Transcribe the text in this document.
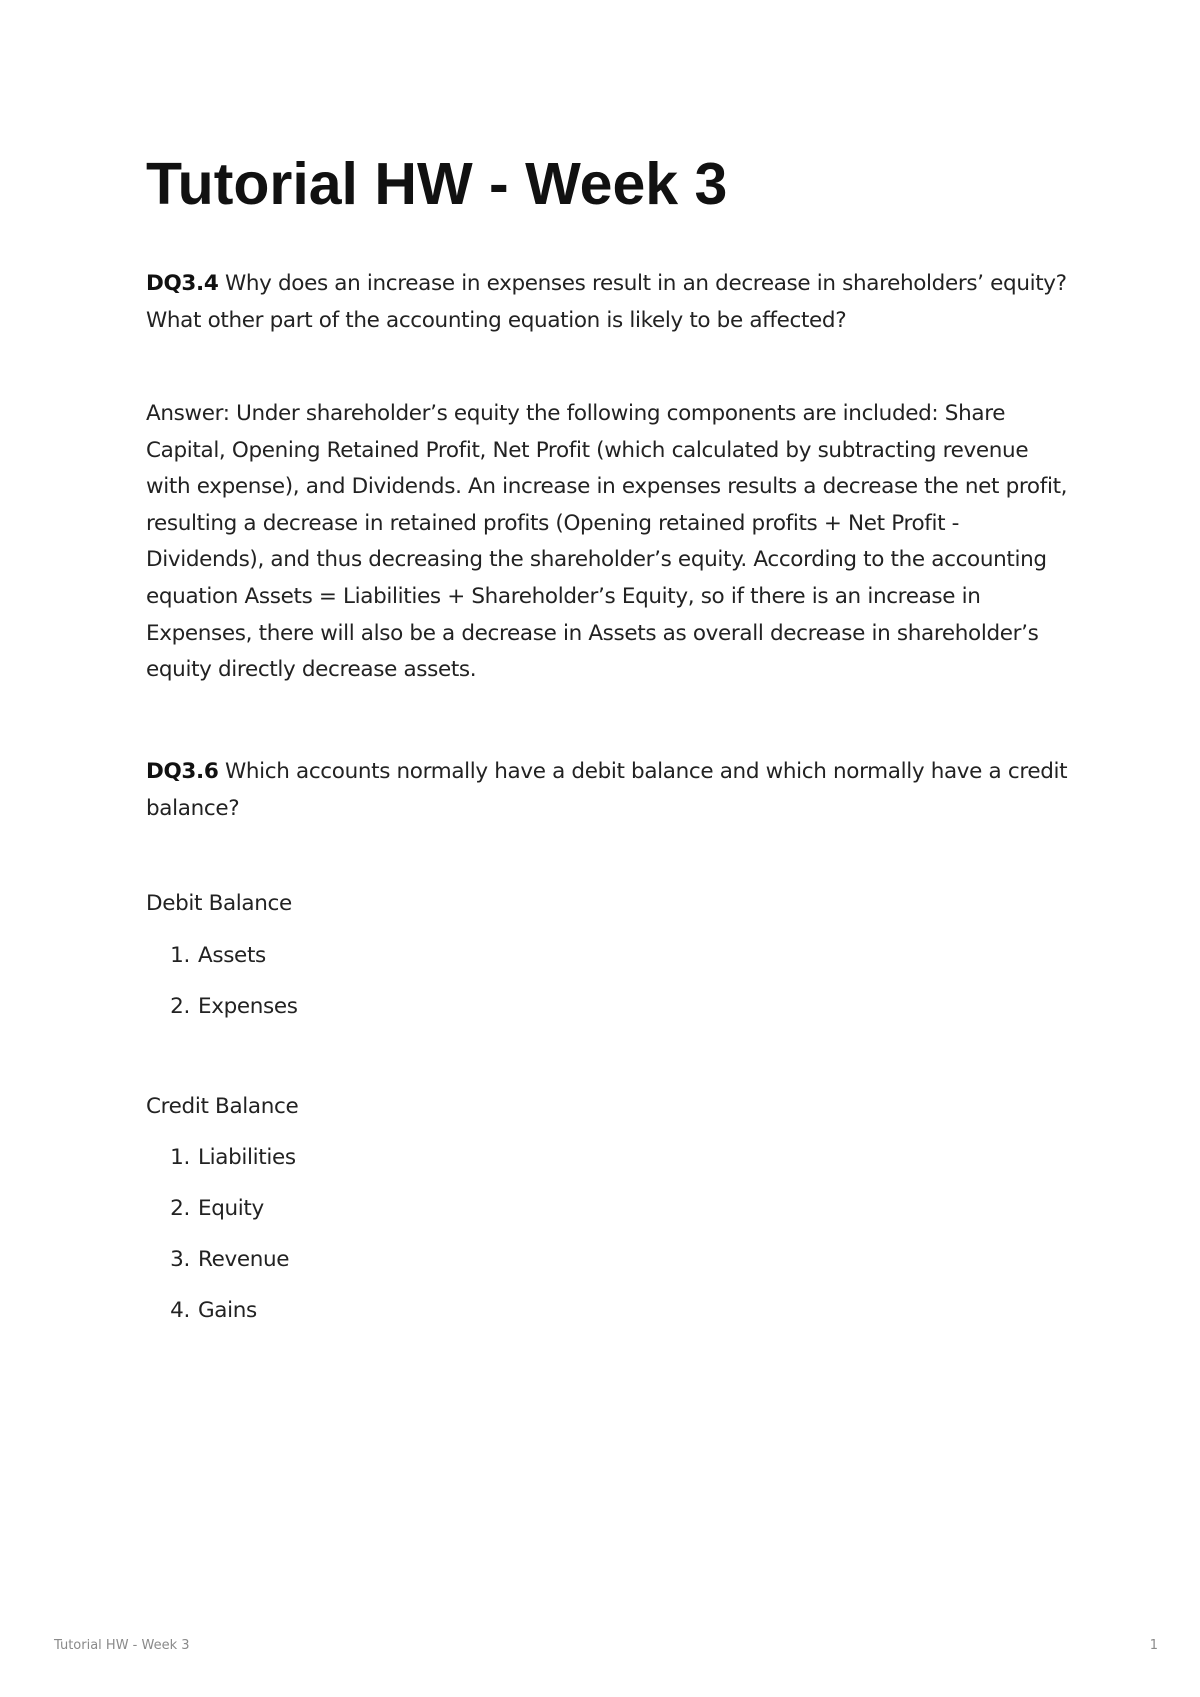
Tutorial HW - Week 3

DQ3.4 Why does an increase in expenses result in an decrease in shareholders’ equity? What other part of the accounting equation is likely to be affected?

Answer: Under shareholder’s equity the following components are included: Share Capital, Opening Retained Profit, Net Profit (which calculated by subtracting revenue with expense), and Dividends. An increase in expenses results a decrease the net profit, resulting a decrease in retained profits (Opening retained profits + Net Profit - Dividends), and thus decreasing the shareholder’s equity. According to the accounting equation Assets = Liabilities + Shareholder’s Equity, so if there is an increase in Expenses, there will also be a decrease in Assets as overall decrease in shareholder’s equity directly decrease assets.

DQ3.6 Which accounts normally have a debit balance and which normally have a credit balance?

Debit Balance

1. Assets
2. Expenses

Credit Balance

1. Liabilities
2. Equity
3. Revenue
4. Gains
Tutorial HW - Week 3	1
